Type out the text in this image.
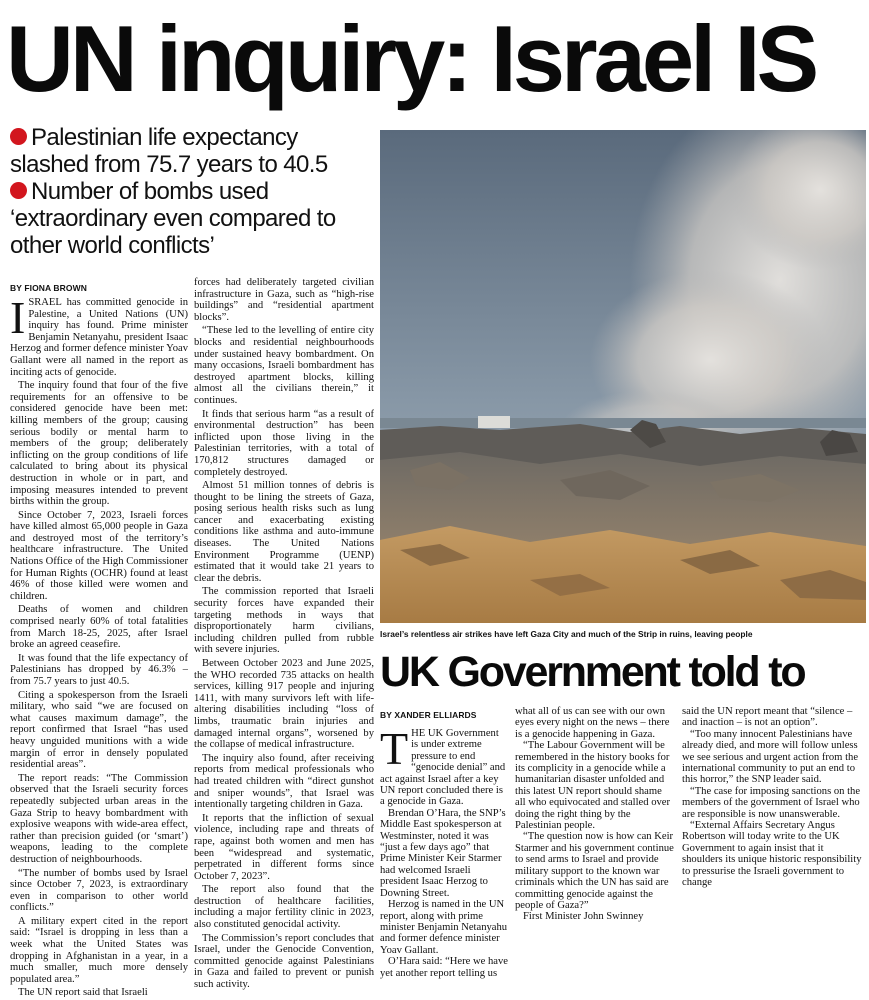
UN inquiry: Israel IS
Palestinian life expectancy slashed from 75.7 years to 40.5
Number of bombs used ‘extraordinary even compared to other world conflicts’
BY FIONA BROWN

ISRAEL has committed genocide in Palestine, a United Nations (UN) inquiry has found. Prime minister Benjamin Netanyahu, president Isaac Herzog and former defence minister Yoav Gallant were all named in the report as inciting acts of genocide.

The inquiry found that four of the five requirements for an offensive to be considered genocide have been met: killing members of the group; causing serious bodily or mental harm to members of the group; deliberately inflicting on the group conditions of life calculated to bring about its physical destruction in whole or in part, and imposing measures intended to prevent births within the group.

Since October 7, 2023, Israeli forces have killed almost 65,000 people in Gaza and destroyed most of the territory’s healthcare infrastructure. The United Nations Office of the High Commissioner for Human Rights (OCHR) found at least 46% of those killed were women and children.

Deaths of women and children comprised nearly 60% of total fatalities from March 18-25, 2025, after Israel broke an agreed ceasefire.

It was found that the life expectancy of Palestinians has dropped by 46.3% – from 75.7 years to just 40.5.

Citing a spokesperson from the Israeli military, who said “we are focused on what causes maximum damage”, the report confirmed that Israel “has used heavy unguided munitions with a wide margin of error in densely populated residential areas”.

The report reads: “The Commission observed that the Israeli security forces repeatedly subjected urban areas in the Gaza Strip to heavy bombardment with explosive weapons with wide-area effect, rather than precision guided (or ‘smart’) weapons, leading to the complete destruction of neighbourhoods.

“The number of bombs used by Israel since October 7, 2023, is extraordinary even in comparison to other world conflicts.”

A military expert cited in the report said: “Israel is dropping in less than a week what the United States was dropping in Afghanistan in a year, in a much smaller, much more densely populated area.”

The UN report said that Israeli

forces had deliberately targeted civilian infrastructure in Gaza, such as “high-rise buildings” and “residential apartment blocks”.

“These led to the levelling of entire city blocks and residential neighbourhoods under sustained heavy bombardment. On many occasions, Israeli bombardment has destroyed apartment blocks, killing almost all the civilians therein,” it continues.

It finds that serious harm “as a result of environmental destruction” has been inflicted upon those living in the Palestinian territories, with a total of 170,812 structures damaged or completely destroyed.

Almost 51 million tonnes of debris is thought to be lining the streets of Gaza, posing serious health risks such as lung cancer and exacerbating existing conditions like asthma and auto-immune diseases. The United Nations Environment Programme (UENP) estimated that it would take 21 years to clear the debris.

The commission reported that Israeli security forces have expanded their targeting methods in ways that disproportionately harm civilians, including children pulled from rubble with severe injuries.

Between October 2023 and June 2025, the WHO recorded 735 attacks on health services, killing 917 people and injuring 1411, with many survivors left with life-altering disabilities including “loss of limbs, traumatic brain injuries and damaged internal organs”, worsened by the collapse of medical infrastructure.

The inquiry also found, after receiving reports from medical professionals who had treated children with “direct gunshot and sniper wounds”, that Israel was intentionally targeting children in Gaza.

It reports that the infliction of sexual violence, including rape and threats of rape, against both women and men has been “widespread and systematic, perpetrated in different forms since October 7, 2023”.

The report also found that the destruction of healthcare facilities, including a major fertility clinic in 2023, also constituted genocidal activity.

The Commission’s report concludes that Israel, under the Genocide Convention, committed genocide against Palestinians in Gaza and failed to prevent or punish such activity.

Israel’s relentless air strikes have left Gaza City and much of the Strip in ruins, leaving people
UK Government told to
BY XANDER ELLIARDS

THE UK Government is under extreme pressure to end “genocide denial” and act against Israel after a key UN report concluded there is a genocide in Gaza.

Brendan O’Hara, the SNP’s Middle East spokesperson at Westminster, noted it was “just a few days ago” that Prime Minister Keir Starmer had welcomed Israeli president Isaac Herzog to Downing Street.

Herzog is named in the UN report, along with prime minister Benjamin Netanyahu and former defence minister Yoav Gallant.

O’Hara said: “Here we have yet another report telling us

what all of us can see with our own eyes every night on the news – there is a genocide happening in Gaza.

“The Labour Government will be remembered in the history books for its complicity in a genocide while a humanitarian disaster unfolded and this latest UN report should shame all who equivocated and stalled over doing the right thing by the Palestinian people.

“The question now is how can Keir Starmer and his government continue to send arms to Israel and provide military support to the known war criminals which the UN has said are committing genocide against the people of Gaza?”

First Minister John Swinney

said the UN report meant that “silence – and inaction – is not an option”.

“Too many innocent Palestinians have already died, and more will follow unless we see serious and urgent action from the international community to put an end to this horror,” the SNP leader said.

“The case for imposing sanctions on the members of the government of Israel who are responsible is now unanswerable.

“External Affairs Secretary Angus Robertson will today write to the UK Government to again insist that it shoulders its unique historic responsibility to pressurise the Israeli government to change
